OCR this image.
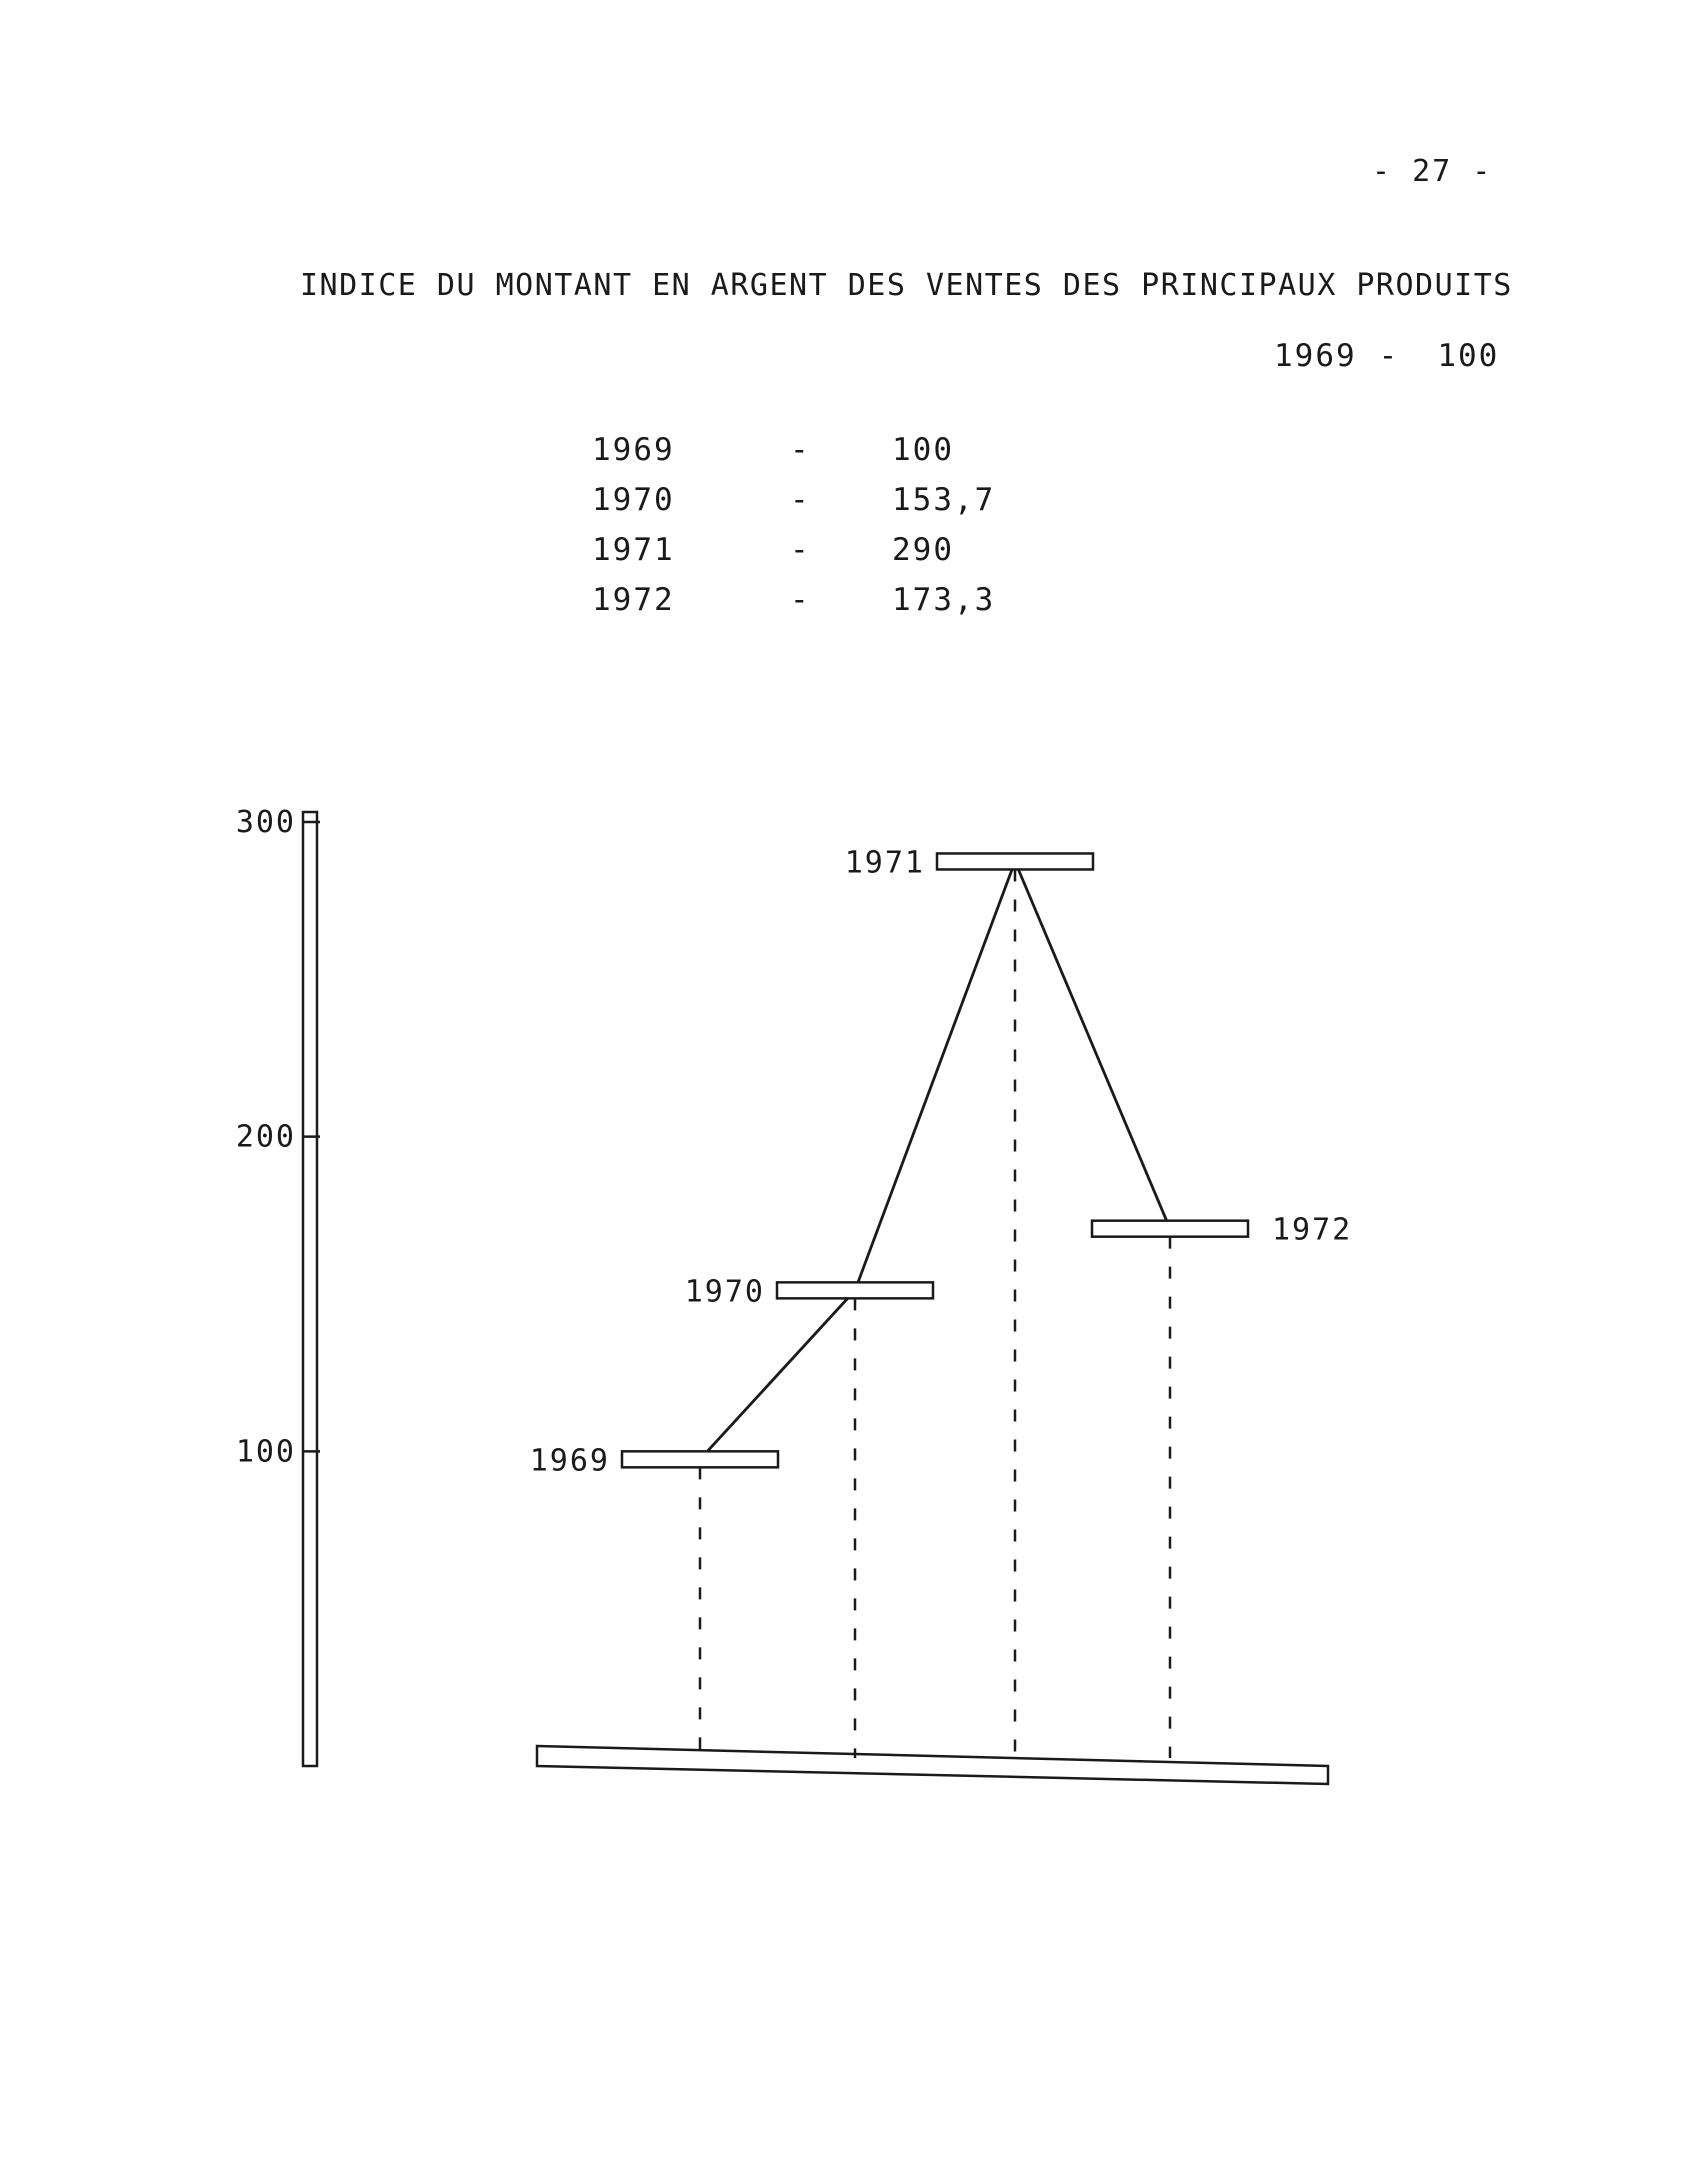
- 27 -
INDICE DU MONTANT EN ARGENT DES VENTES DES PRINCIPAUX PRODUITS
1969 - 100
1969	-	100
1970	-	153,7
1971	-	290
1972	-	173,3
100
200
300
1969
1970
1971
1972
